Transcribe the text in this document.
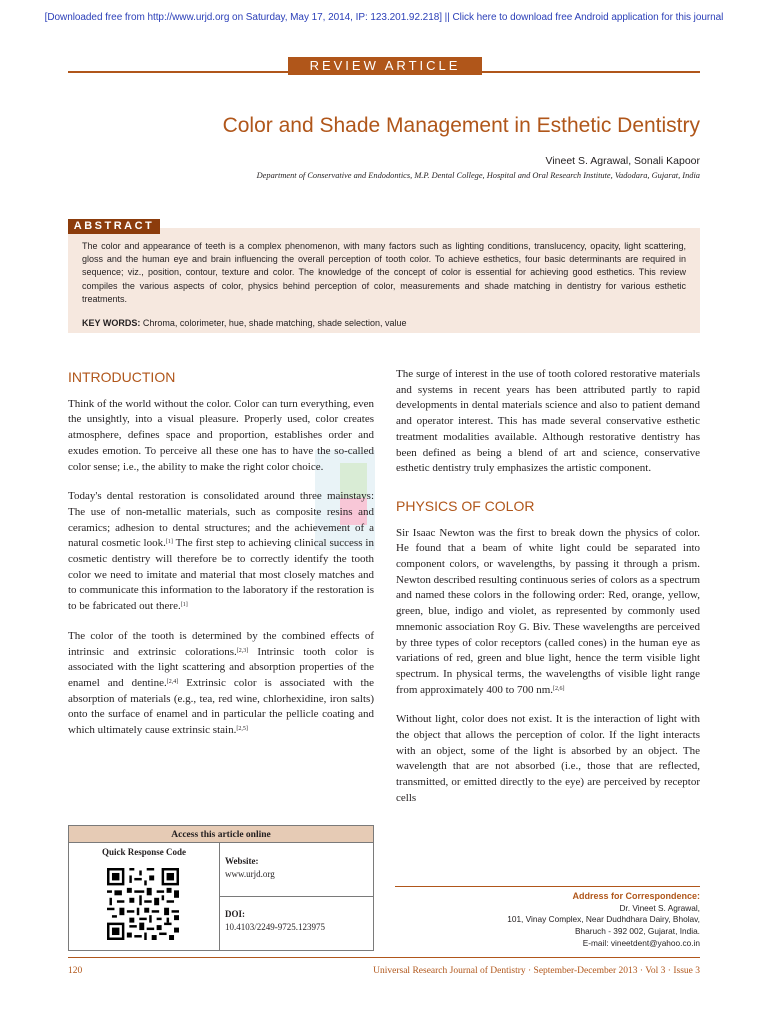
[Downloaded free from http://www.urjd.org on Saturday, May 17, 2014, IP: 123.201.92.218] || Click here to download free Android application for this journal
REVIEW ARTICLE
Color and Shade Management in Esthetic Dentistry
Vineet S. Agrawal, Sonali Kapoor
Department of Conservative and Endodontics, M.P. Dental College, Hospital and Oral Research Institute, Vadodara, Gujarat, India
ABSTRACT
The color and appearance of teeth is a complex phenomenon, with many factors such as lighting conditions, translucency, opacity, light scattering, gloss and the human eye and brain influencing the overall perception of tooth color. To achieve esthetics, four basic determinants are required in sequence; viz., position, contour, texture and color. The knowledge of the concept of color is essential for achieving good esthetics. This review compiles the various aspects of color, physics behind perception of color, measurements and shade matching in dentistry for various esthetic treatments.
KEY WORDS: Chroma, colorimeter, hue, shade matching, shade selection, value
INTRODUCTION

Think of the world without the color. Color can turn everything, even the unsightly, into a visual pleasure. Properly used, color creates atmosphere, defines space and proportion, establishes order and exudes emotion. To perceive all these one has to have the so-called color sense; i.e., the ability to make the right color choice.

Today's dental restoration is consolidated around three mainstays: The use of non-metallic materials, such as composite resins and ceramics; adhesion to dental structures; and the achievement of a natural cosmetic look.[1] The first step to achieving clinical success in cosmetic dentistry will therefore be to correctly identify the tooth color we need to imitate and material that most closely matches and to communicate this information to the laboratory if the restoration is to be fabricated out there.[1]

The color of the tooth is determined by the combined effects of intrinsic and extrinsic colorations.[2,3] Intrinsic tooth color is associated with the light scattering and absorption properties of the enamel and dentine.[2,4] Extrinsic color is associated with the absorption of materials (e.g., tea, red wine, chlorhexidine, iron salts) onto the surface of enamel and in particular the pellicle coating and which ultimately cause extrinsic stain.[2,5]

The surge of interest in the use of tooth colored restorative materials and systems in recent years has been attributed partly to rapid developments in dental materials science and also to patient demand and operator interest. This has made several conservative esthetic treatment modalities available. Although restorative dentistry has been defined as being a blend of art and science, conservative esthetic dentistry truly emphasizes the artistic component.

PHYSICS OF COLOR

Sir Isaac Newton was the first to break down the physics of color. He found that a beam of white light could be separated into component colors, or wavelengths, by passing it through a prism. Newton described resulting continuous series of colors as a spectrum and named these colors in the following order: Red, orange, yellow, green, blue, indigo and violet, as represented by commonly used mnemonic association Roy G. Biv. These wavelengths are perceived by three types of color receptors (called cones) in the human eye as variations of red, green and blue light, hence the term visible light spectrum. In physical terms, the wavelengths of visible light range from approximately 400 to 700 nm.[2,6]

Without light, color does not exist. It is the interaction of light with the object that allows the perception of color. If the light interacts with an object, some of the light is absorbed by an object. The wavelength that are not absorbed (i.e., those that are reflected, transmitted, or emitted directly to the eye) are perceived by receptor cells

Access this article online
Quick Response Code
Website:
www.urjd.org
DOI:
10.4103/2249-9725.123975
Address for Correspondence:
Dr. Vineet S. Agrawal,
101, Vinay Complex, Near Dudhdhara Dairy, Bholav,
Bharuch - 392 002, Gujarat, India.
E-mail: vineetdent@yahoo.co.in
120	Universal Research Journal of Dentistry · September-December 2013 · Vol 3 · Issue 3
